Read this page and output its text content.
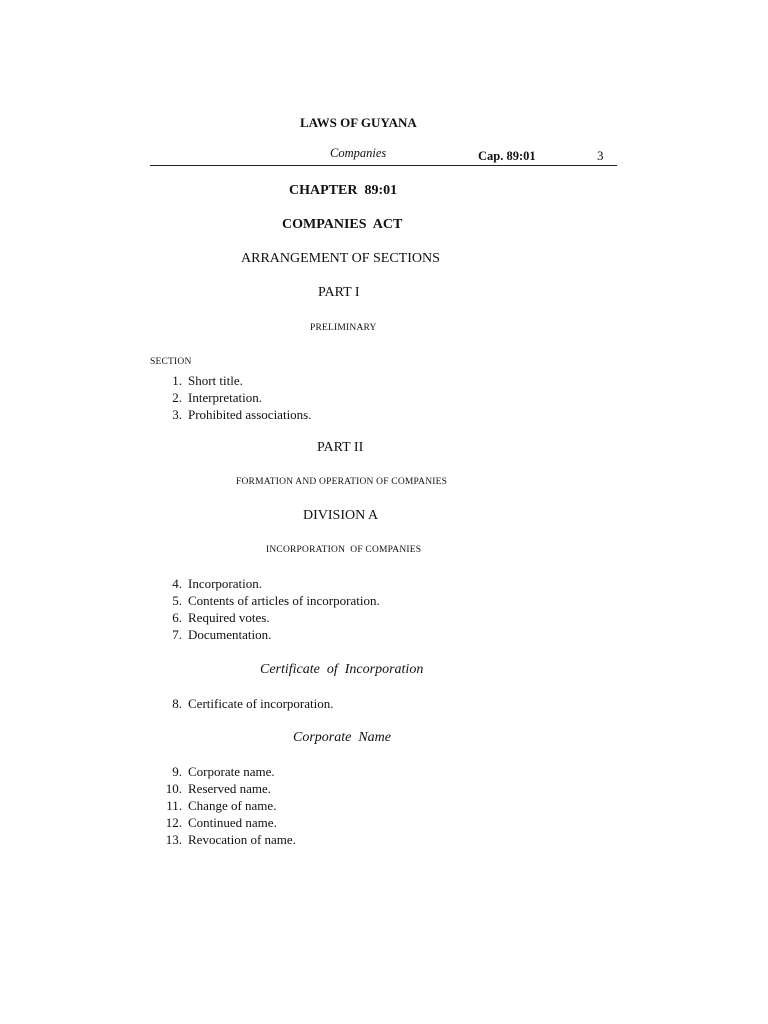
LAWS OF GUYANA
Companies	Cap. 89:01	3
CHAPTER  89:01
COMPANIES  ACT
ARRANGEMENT OF SECTIONS
PART I
PRELIMINARY
SECTION
1. Short title.
2. Interpretation.
3. Prohibited associations.
PART II
FORMATION AND OPERATION OF COMPANIES
DIVISION A
INCORPORATION  OF COMPANIES
4. Incorporation.
5. Contents of articles of incorporation.
6. Required votes.
7. Documentation.
Certificate  of  Incorporation
8. Certificate of incorporation.
Corporate  Name
9. Corporate name.
10. Reserved name.
11. Change of name.
12. Continued name.
13. Revocation of name.
